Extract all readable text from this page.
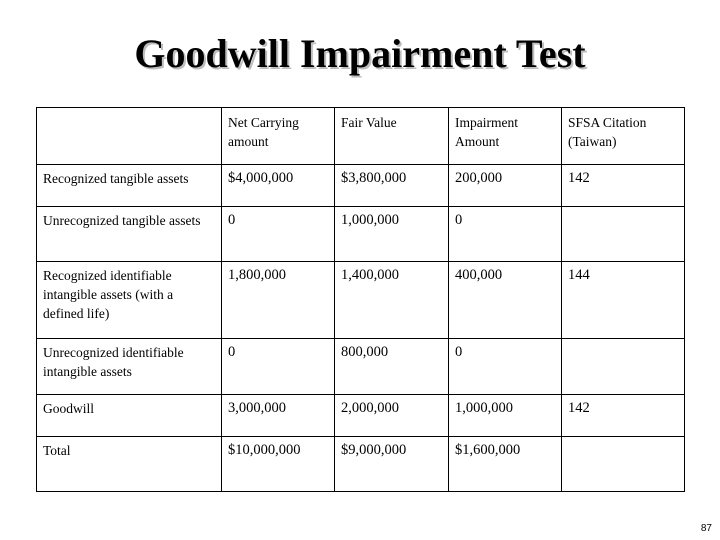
Goodwill Impairment Test
	Net Carrying amount	Fair Value	Impairment Amount	SFSA Citation (Taiwan)
Recognized tangible assets	$4,000,000	$3,800,000	200,000	142
Unrecognized tangible assets	0	1,000,000	0	
Recognized identifiable intangible assets (with a defined life)	1,800,000	1,400,000	400,000	144
Unrecognized identifiable intangible assets	0	800,000	0	
Goodwill	3,000,000	2,000,000	1,000,000	142
Total	$10,000,000	$9,000,000	$1,600,000	
87
